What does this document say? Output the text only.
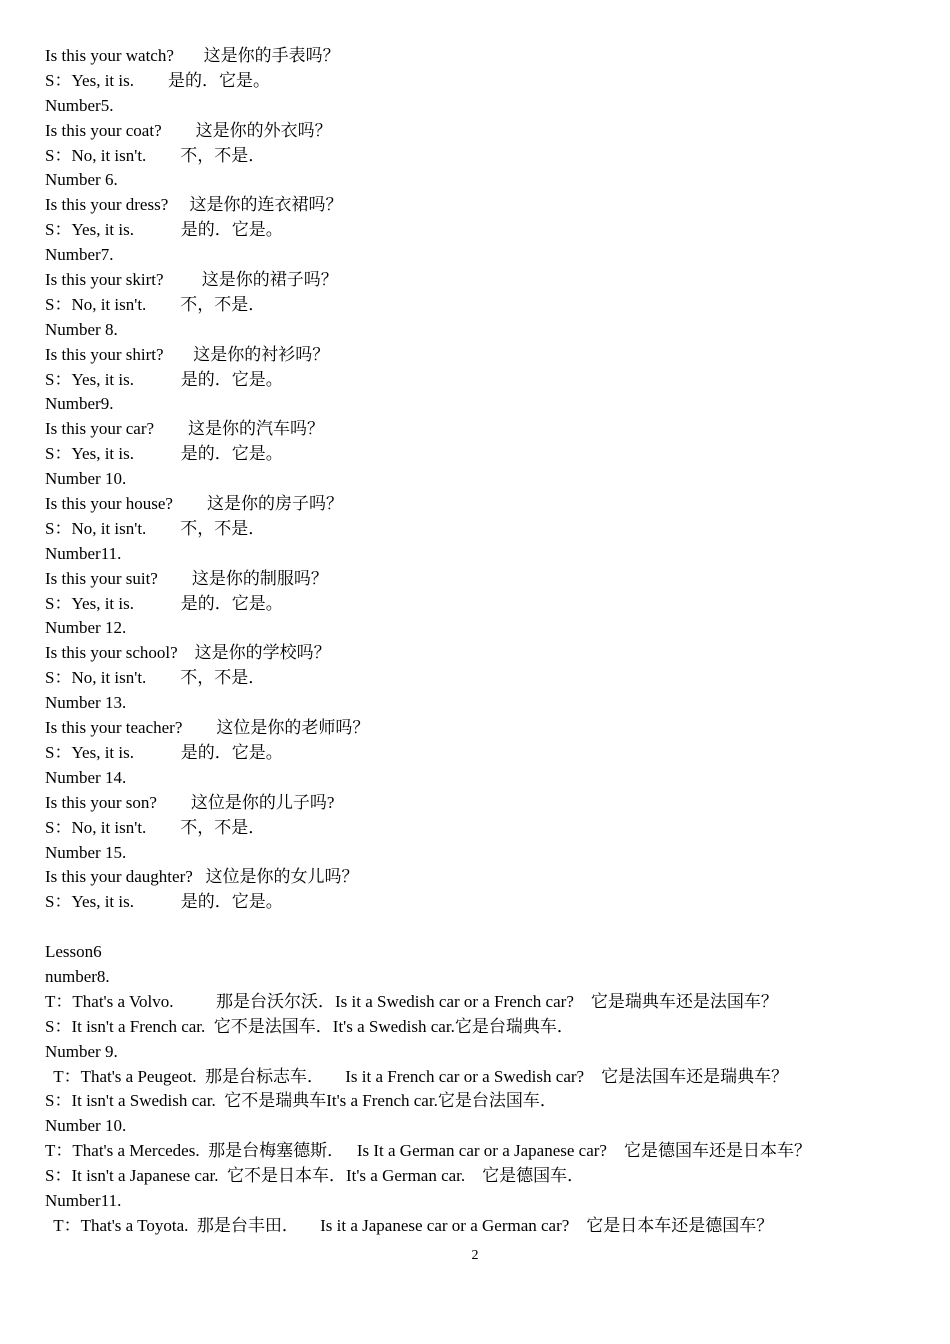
Is this your watch?       这是你的手表吗？
S：Yes, it is.        是的．它是。
Number5.
Is this your coat?        这是你的外衣吗？
S：No, it isn't.        不，不是．
Number 6.
Is this your dress?     这是你的连衣裙吗？
S：Yes, it is.           是的．它是。
Number7.
Is this your skirt?         这是你的裙子吗？
S：No, it isn't.        不，不是．
Number 8.
Is this your shirt?       这是你的衬衫吗？
S：Yes, it is.           是的．它是。
Number9.
Is this your car?        这是你的汽车吗？
S：Yes, it is.           是的．它是。
Number 10.
Is this your house?        这是你的房子吗？
S：No, it isn't.        不，不是．
Number11.
Is this your suit?        这是你的制服吗？
S：Yes, it is.           是的．它是。
Number 12.
Is this your school?    这是你的学校吗？
S：No, it isn't.        不，不是．
Number 13.
Is this your teacher?        这位是你的老师吗？
S：Yes, it is.           是的．它是。
Number 14.
Is this your son?        这位是你的儿子吗?
S：No, it isn't.        不，不是．
Number 15.
Is this your daughter?   这位是你的女儿吗？
S：Yes, it is.           是的．它是。
Lesson6
number8.
T：That's a Volvo.          那是台沃尔沃．Is it a Swedish car or a French car?    它是瑞典车还是法国车？
S：It isn't a French car.  它不是法国车．It's a Swedish car.它是台瑞典车．
Number 9.
T：That's a Peugeot.  那是台标志车．     Is it a French car or a Swedish car?    它是法国车还是瑞典车？
S：It isn't a Swedish car.  它不是瑞典车It's a French car.它是台法国车．
Number 10.
T：That's a Mercedes.  那是台梅塞德斯．   Is It a German car or a Japanese car?    它是德国车还是日本车？
S：It isn't a Japanese car.  它不是日本车．It's a German car.    它是德国车．
Number11.
T：That's a Toyota.  那是台丰田．     Is it a Japanese car or a German car?    它是日本车还是德国车？
2
